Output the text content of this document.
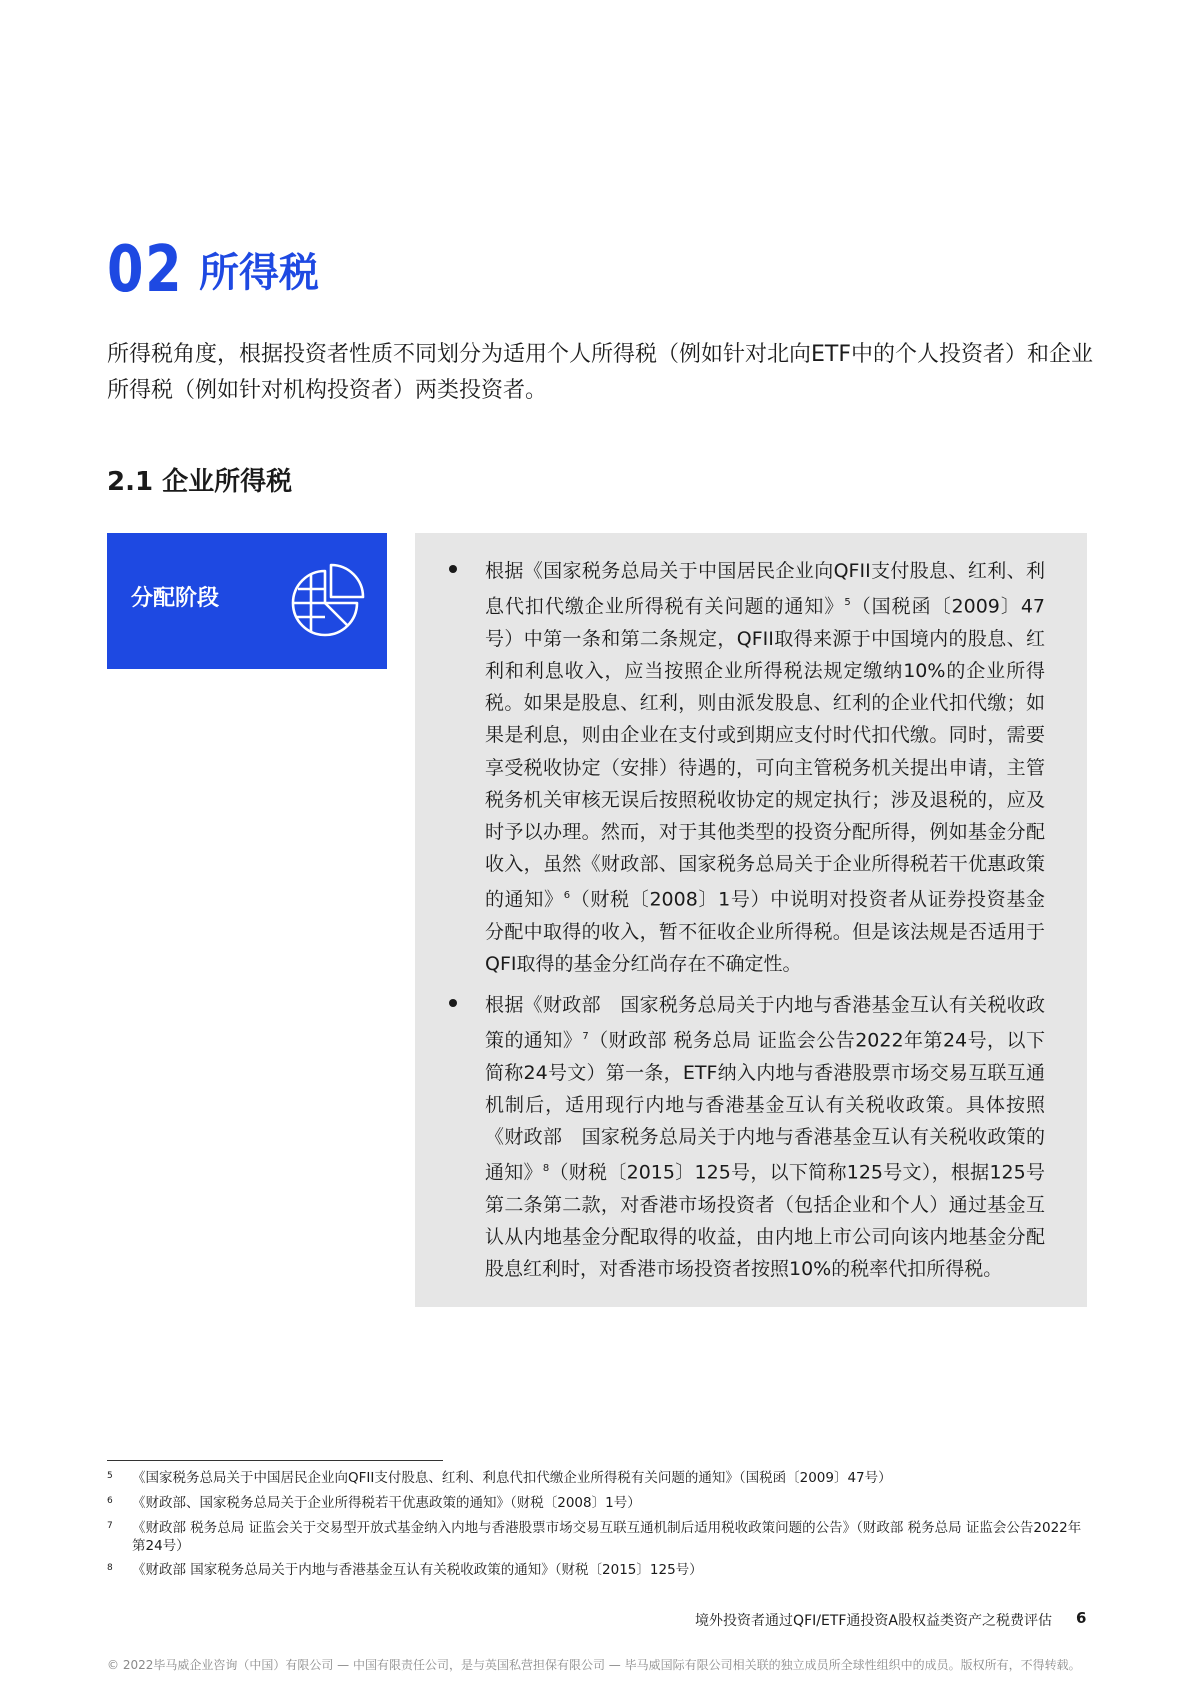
02 所得税
所得税角度，根据投资者性质不同划分为适用个人所得税（例如针对北向ETF中的个人投资者）和企业所得税（例如针对机构投资者）两类投资者。
2.1 企业所得税
分配阶段
根据《国家税务总局关于中国居民企业向QFII支付股息、红利、利息代扣代缴企业所得税有关问题的通知》$^5$（国税函〔2009〕47号）中第一条和第二条规定，QFII取得来源于中国境内的股息、红利和利息收入，应当按照企业所得税法规定缴纳10%的企业所得税。如果是股息、红利，则由派发股息、红利的企业代扣代缴；如果是利息，则由企业在支付或到期应支付时代扣代缴。同时，需要享受税收协定（安排）待遇的，可向主管税务机关提出申请，主管税务机关审核无误后按照税收协定的规定执行；涉及退税的，应及时予以办理。然而，对于其他类型的投资分配所得，例如基金分配收入，虽然《财政部、国家税务总局关于企业所得税若干优惠政策的通知》$^6$（财税〔2008〕1号）中说明对投资者从证券投资基金分配中取得的收入，暂不征收企业所得税。但是该法规是否适用于QFI取得的基金分红尚存在不确定性。
根据《财政部　国家税务总局关于内地与香港基金互认有关税收政策的通知》$^7$（财政部 税务总局 证监会公告2022年第24号，以下简称24号文）第一条，ETF纳入内地与香港股票市场交易互联互通机制后，适用现行内地与香港基金互认有关税收政策。具体按照《财政部　国家税务总局关于内地与香港基金互认有关税收政策的通知》$^8$（财税〔2015〕125号，以下简称125号文），根据125号第二条第二款，对香港市场投资者（包括企业和个人）通过基金互认从内地基金分配取得的收益，由内地上市公司向该内地基金分配股息红利时，对香港市场投资者按照10%的税率代扣所得税。
5 《国家税务总局关于中国居民企业向QFII支付股息、红利、利息代扣代缴企业所得税有关问题的通知》（国税函〔2009〕47号）
6 《财政部、国家税务总局关于企业所得税若干优惠政策的通知》（财税〔2008〕1号）
7 《财政部 税务总局 证监会关于交易型开放式基金纳入内地与香港股票市场交易互联互通机制后适用税收政策问题的公告》（财政部 税务总局 证监会公告2022年第24号）
8 《财政部 国家税务总局关于内地与香港基金互认有关税收政策的通知》（财税〔2015〕125号）
境外投资者通过QFI/ETF通投资A股权益类资产之税费评估 6
© 2022毕马威企业咨询（中国）有限公司 — 中国有限责任公司，是与英国私营担保有限公司 — 毕马威国际有限公司相关联的独立成员所全球性组织中的成员。版权所有，不得转载。
